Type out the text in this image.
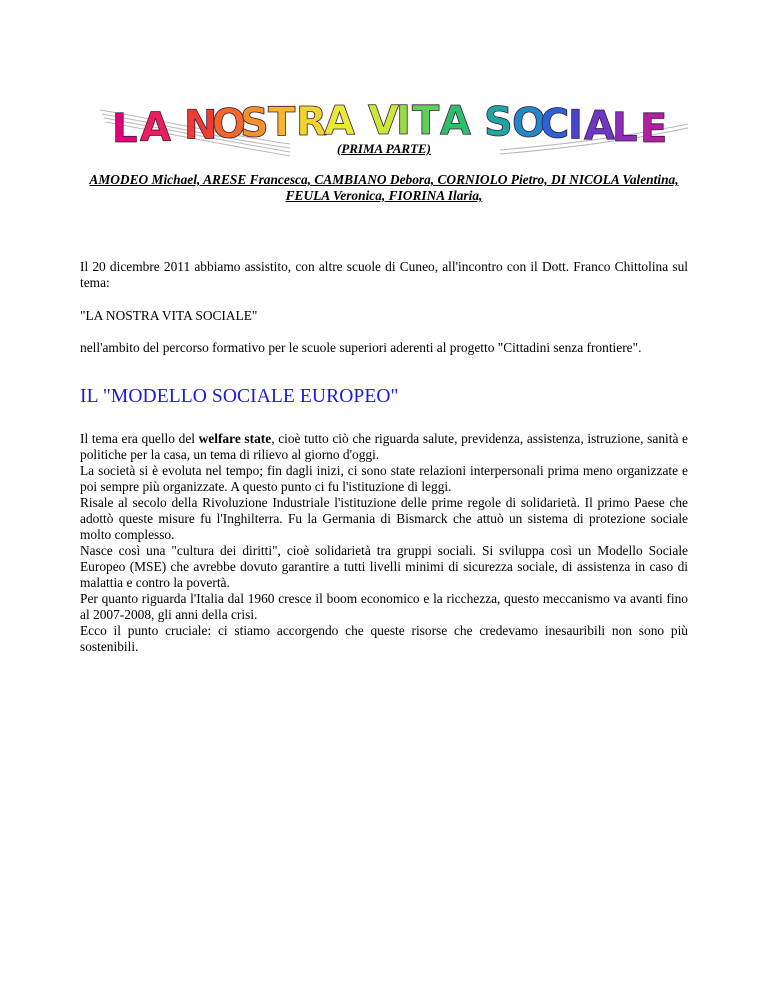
L A N
O
S T R
A V
I T A S O
C
I A
L E
(PRIMA PARTE)
AMODEO Michael, ARESE Francesca, CAMBIANO Debora, CORNIOLO Pietro, DI NICOLA Valentina, FEULA Veronica, FIORINA Ilaria,

Il 20 dicembre 2011 abbiamo assistito, con altre scuole di Cuneo, all'incontro con il Dott. Franco Chittolina sul tema:

"LA NOSTRA VITA SOCIALE"

nell'ambito del percorso formativo per le scuole superiori aderenti al progetto "Cittadini senza frontiere".

IL "MODELLO SOCIALE EUROPEO"

Il tema era quello del welfare state, cioè tutto ciò che riguarda salute, previdenza, assistenza, istruzione, sanità e politiche per la casa, un tema di rilievo al giorno d'oggi.

La società si è evoluta nel tempo; fin dagli inizi, ci sono state relazioni interpersonali prima meno organizzate e poi sempre più organizzate. A questo punto ci fu l'istituzione di leggi.

Risale al secolo della Rivoluzione Industriale l'istituzione delle prime regole di solidarietà. Il primo Paese che adottò queste misure fu l'Inghilterra. Fu la Germania di Bismarck che attuò un sistema di protezione sociale molto complesso.

Nasce così una "cultura dei diritti", cioè solidarietà tra gruppi sociali. Si sviluppa così un Modello Sociale Europeo (MSE) che avrebbe dovuto garantire a tutti livelli minimi di sicurezza sociale, di assistenza in caso di malattia e contro la povertà.

Per quanto riguarda l'Italia dal 1960 cresce il boom economico e la ricchezza, questo meccanismo va avanti fino al 2007-2008, gli anni della crisi.

Ecco il punto cruciale: ci stiamo accorgendo che queste risorse che credevamo inesauribili non sono più sostenibili.
